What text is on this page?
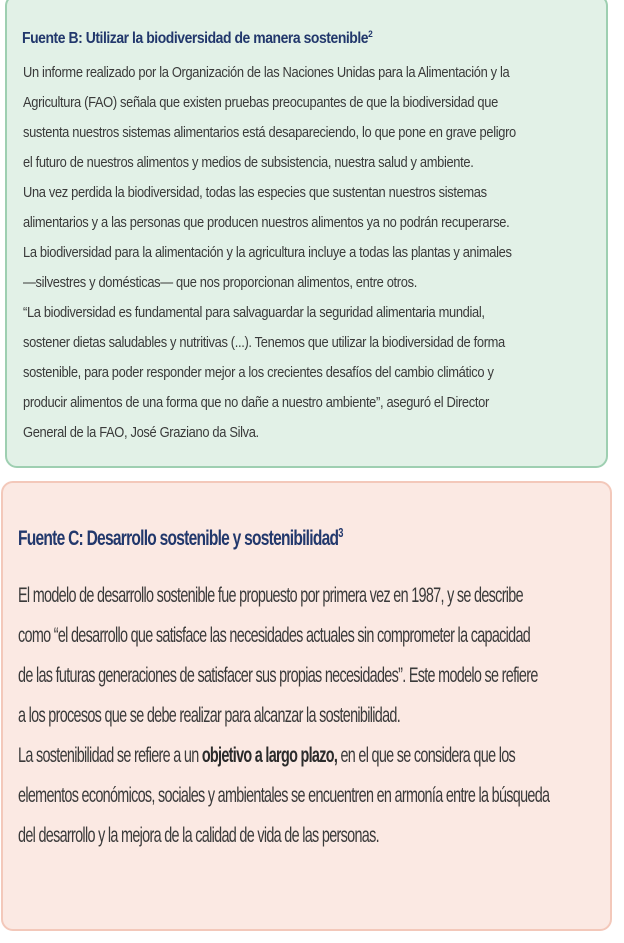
Fuente B: Utilizar la biodiversidad de manera sostenible$^2$

Un informe realizado por la Organización de las Naciones Unidas para la Alimentación y la

Agricultura (FAO) señala que existen pruebas preocupantes de que la biodiversidad que

sustenta nuestros sistemas alimentarios está desapareciendo, lo que pone en grave peligro

el futuro de nuestros alimentos y medios de subsistencia, nuestra salud y ambiente.

Una vez perdida la biodiversidad, todas las especies que sustentan nuestros sistemas

alimentarios y a las personas que producen nuestros alimentos ya no podrán recuperarse.

La biodiversidad para la alimentación y la agricultura incluye a todas las plantas y animales

—silvestres y domésticas— que nos proporcionan alimentos, entre otros.

“La biodiversidad es fundamental para salvaguardar la seguridad alimentaria mundial,

sostener dietas saludables y nutritivas (...). Tenemos que utilizar la biodiversidad de forma

sostenible, para poder responder mejor a los crecientes desafíos del cambio climático y

producir alimentos de una forma que no dañe a nuestro ambiente”, aseguró el Director

General de la FAO, José Graziano da Silva.

Fuente C: Desarrollo sostenible y sostenibilidad$^3$

El modelo de desarrollo sostenible fue propuesto por primera vez en 1987, y se describe

como “el desarrollo que satisface las necesidades actuales sin comprometer la capacidad

de las futuras generaciones de satisfacer sus propias necesidades”. Este modelo se refiere

a los procesos que se debe realizar para alcanzar la sostenibilidad.

La sostenibilidad se refiere a un objetivo a largo plazo, en el que se considera que los

elementos económicos, sociales y ambientales se encuentren en armonía entre la búsqueda

del desarrollo y la mejora de la calidad de vida de las personas.
